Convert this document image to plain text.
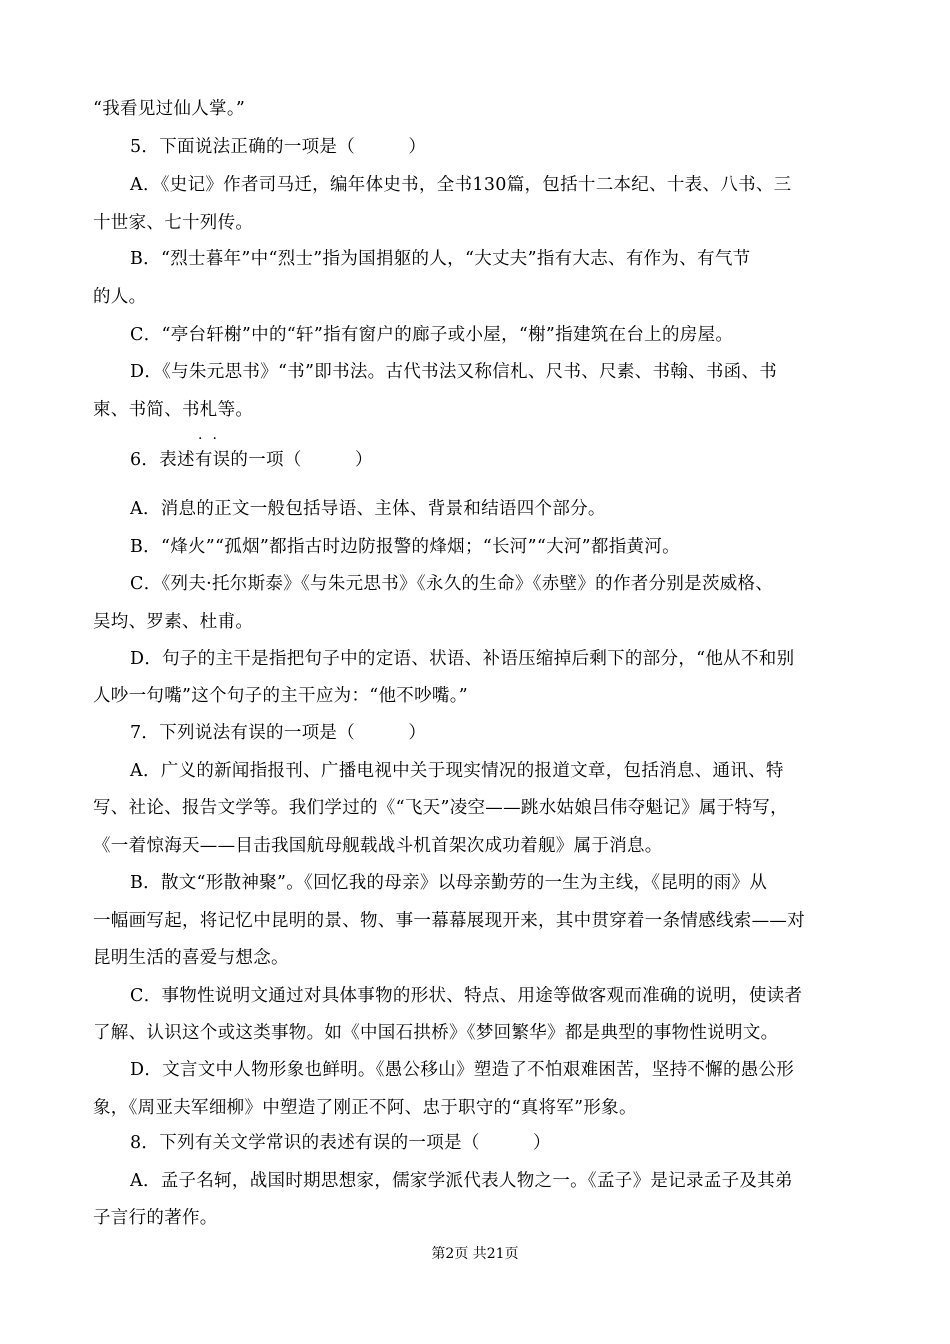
“我看见过仙人掌。”
5．下面说法正确的一项是（　　　）
A．《史记》作者司马迁，编年体史书，全书130篇，包括十二本纪、十表、八书、三
十世家、七十列传。
B．“烈士暮年”中“烈士”指为国捐躯的人，“大丈夫”指有大志、有作为、有气节
的人。
C．“亭台轩榭”中的“轩”指有窗户的廊子或小屋，“榭”指建筑在台上的房屋。
D．《与朱元思书》“书”即书法。古代书法又称信札、尺书、尺素、书翰、书函、书
柬、书简、书札等。
··
6．表述有误的一项（　　　）
A．消息的正文一般包括导语、主体、背景和结语四个部分。
B．“烽火”“孤烟”都指古时边防报警的烽烟；“长河”“大河”都指黄河。
C．《列夫·托尔斯泰》《与朱元思书》《永久的生命》《赤壁》的作者分别是茨威格、
吴均、罗素、杜甫。
D．句子的主干是指把句子中的定语、状语、补语压缩掉后剩下的部分，“他从不和别
人吵一句嘴”这个句子的主干应为：“他不吵嘴。”
7．下列说法有误的一项是（　　　）
A．广义的新闻指报刊、广播电视中关于现实情况的报道文章，包括消息、通讯、特
写、社论、报告文学等。我们学过的《“飞天”凌空——跳水姑娘吕伟夺魁记》属于特写，
《一着惊海天——目击我国航母舰载战斗机首架次成功着舰》属于消息。
B．散文“形散神聚”。《回忆我的母亲》以母亲勤劳的一生为主线，《昆明的雨》从
一幅画写起，将记忆中昆明的景、物、事一幕幕展现开来，其中贯穿着一条情感线索——对
昆明生活的喜爱与想念。
C．事物性说明文通过对具体事物的形状、特点、用途等做客观而准确的说明，使读者
了解、认识这个或这类事物。如《中国石拱桥》《梦回繁华》都是典型的事物性说明文。
D．文言文中人物形象也鲜明。《愚公移山》塑造了不怕艰难困苦，坚持不懈的愚公形
象，《周亚夫军细柳》中塑造了刚正不阿、忠于职守的“真将军”形象。
8．下列有关文学常识的表述有误的一项是（　　　）
A．孟子名轲，战国时期思想家，儒家学派代表人物之一。《孟子》是记录孟子及其弟
子言行的著作。
第2页 共21页
